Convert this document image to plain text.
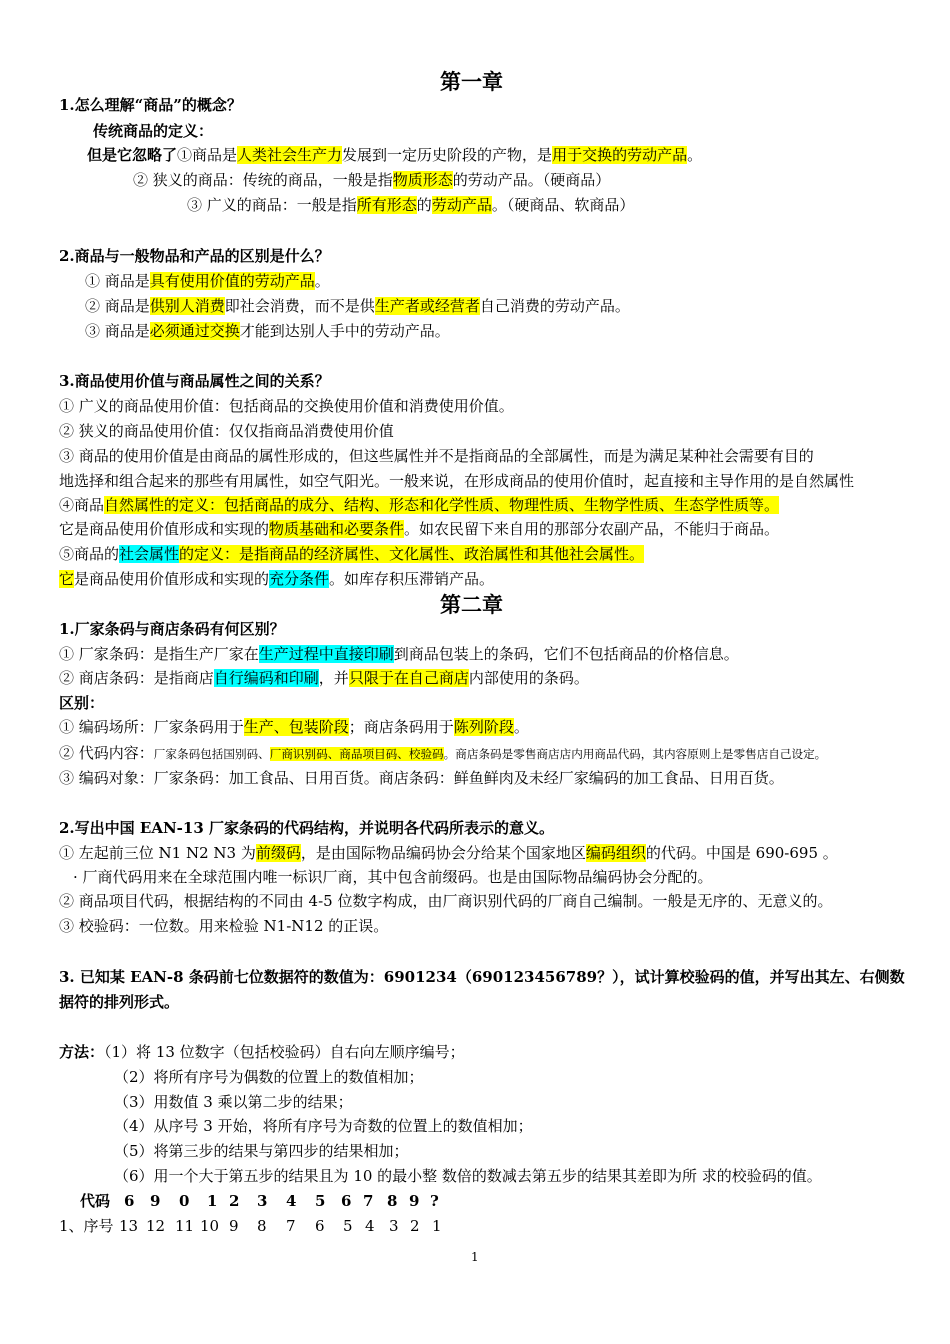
第一章
1.怎么理解“商品”的概念？
传统商品的定义：
但是它忽略了①商品是人类社会生产力发展到一定历史阶段的产物，是用于交换的劳动产品。
② 狭义的商品：传统的商品，一般是指物质形态的劳动产品。（硬商品）
③ 广义的商品：一般是指所有形态的劳动产品。（硬商品、软商品）
2.商品与一般物品和产品的区别是什么？
① 商品是具有使用价值的劳动产品。
② 商品是供别人消费即社会消费，而不是供生产者或经营者自己消费的劳动产品。
③ 商品是必须通过交换才能到达别人手中的劳动产品。
3.商品使用价值与商品属性之间的关系？
① 广义的商品使用价值：包括商品的交换使用价值和消费使用价值。
② 狭义的商品使用价值：仅仅指商品消费使用价值
③ 商品的使用价值是由商品的属性形成的，但这些属性并不是指商品的全部属性，而是为满足某种社会需要有目的
地选择和组合起来的那些有用属性，如空气阳光。一般来说，在形成商品的使用价值时，起直接和主导作用的是自然属性
④商品自然属性的定义：包括商品的成分、结构、形态和化学性质、物理性质、生物学性质、生态学性质等。
它是商品使用价值形成和实现的物质基础和必要条件。如农民留下来自用的那部分农副产品，不能归于商品。
⑤商品的社会属性的定义：是指商品的经济属性、文化属性、政治属性和其他社会属性。
它是商品使用价值形成和实现的充分条件。如库存积压滞销产品。
第二章
1.厂家条码与商店条码有何区别？
① 厂家条码：是指生产厂家在生产过程中直接印刷到商品包装上的条码，它们不包括商品的价格信息。
② 商店条码：是指商店自行编码和印刷，并只限于在自己商店内部使用的条码。
区别：
① 编码场所：厂家条码用于生产、包装阶段；商店条码用于陈列阶段。
② 代码内容：厂家条码包括国别码、厂商识别码、商品项目码、校验码。商店条码是零售商店店内用商品代码，其内容原则上是零售店自己设定。
③ 编码对象：厂家条码：加工食品、日用百货。商店条码：鲜鱼鲜肉及未经厂家编码的加工食品、日用百货。
2.写出中国 EAN-13 厂家条码的代码结构，并说明各代码所表示的意义。
① 左起前三位 N1 N2 N3 为前缀码，是由国际物品编码协会分给某个国家地区编码组织的代码。中国是 690-695 。
· 厂商代码用来在全球范围内唯一标识厂商，其中包含前缀码。也是由国际物品编码协会分配的。
② 商品项目代码，根据结构的不同由 4-5 位数字构成，由厂商识别代码的厂商自己编制。一般是无序的、无意义的。
③ 校验码：一位数。用来检验 N1-N12 的正误。
3. 已知某 EAN-8 条码前七位数据符的数值为：6901234（690123456789？），试计算校验码的值，并写出其左、右侧数
据符的排列形式。
方法：（1）将 13 位数字（包括校验码）自右向左顺序编号；
（2）将所有序号为偶数的位置上的数值相加；
（3）用数值 3 乘以第二步的结果；
（4）从序号 3 开始，将所有序号为奇数的位置上的数值相加；
（5）将第三步的结果与第四步的结果相加；
（6）用一个大于第五步的结果且为 10 的最小整 数倍的数减去第五步的结果其差即为所 求的校验码的值。
代码 6 9 0 1 2 3 4 5 6 7 8 9 ?
1、序号 13 12 11 10 9 8 7 6 5 4 3 2 1
1
